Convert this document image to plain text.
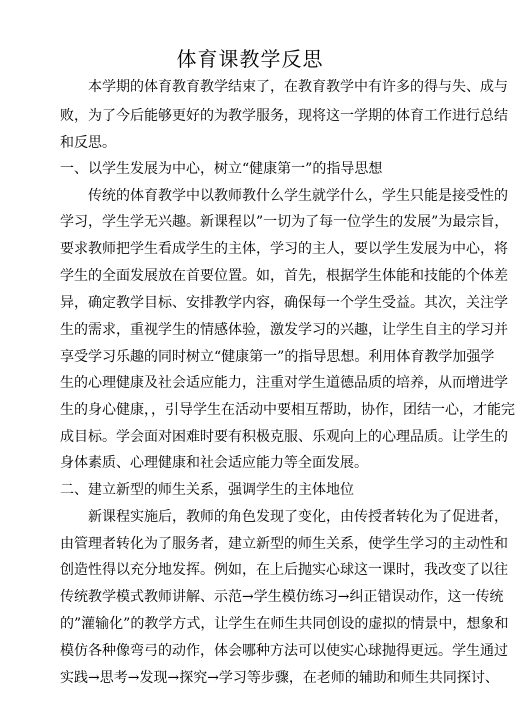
体育课教学反思
本学期的体育教育教学结束了，在教育教学中有许多的得与失、成与
败，为了今后能够更好的为教学服务，现将这一学期的体育工作进行总结
和反思。
一、以学生发展为中心，树立“健康第一”的指导思想
传统的体育教学中以教师教什么学生就学什么，学生只能是接受性的
学习，学生学无兴趣。新课程以”一切为了每一位学生的发展”为最宗旨，
要求教师把学生看成学生的主体，学习的主人，要以学生发展为中心，将
学生的全面发展放在首要位置。如，首先，根据学生体能和技能的个体差
异，确定教学目标、安排教学内容，确保每一个学生受益。其次，关注学
生的需求，重视学生的情感体验，激发学习的兴趣，让学生自主的学习并
享受学习乐趣的同时树立“健康第一”的指导思想。利用体育教学加强学
生的心理健康及社会适应能力，注重对学生道德品质的培养，从而增进学
生的身心健康，，引导学生在活动中要相互帮助，协作，团结一心，才能完
成目标。学会面对困难时要有积极克服、乐观向上的心理品质。让学生的
身体素质、心理健康和社会适应能力等全面发展。
二、建立新型的师生关系，强调学生的主体地位
新课程实施后，教师的角色发现了变化，由传授者转化为了促进者，
由管理者转化为了服务者，建立新型的师生关系，使学生学习的主动性和
创造性得以充分地发挥。例如，在上后抛实心球这一课时，我改变了以往
传统教学模式教师讲解、示范→学生模仿练习→纠正错误动作，这一传统
的”灌输化”的教学方式，让学生在师生共同创设的虚拟的情景中，想象和
模仿各种像弯弓的动作，体会哪种方法可以使实心球抛得更远。学生通过
实践→思考→发现→探究→学习等步骤，在老师的辅助和师生共同探讨、
